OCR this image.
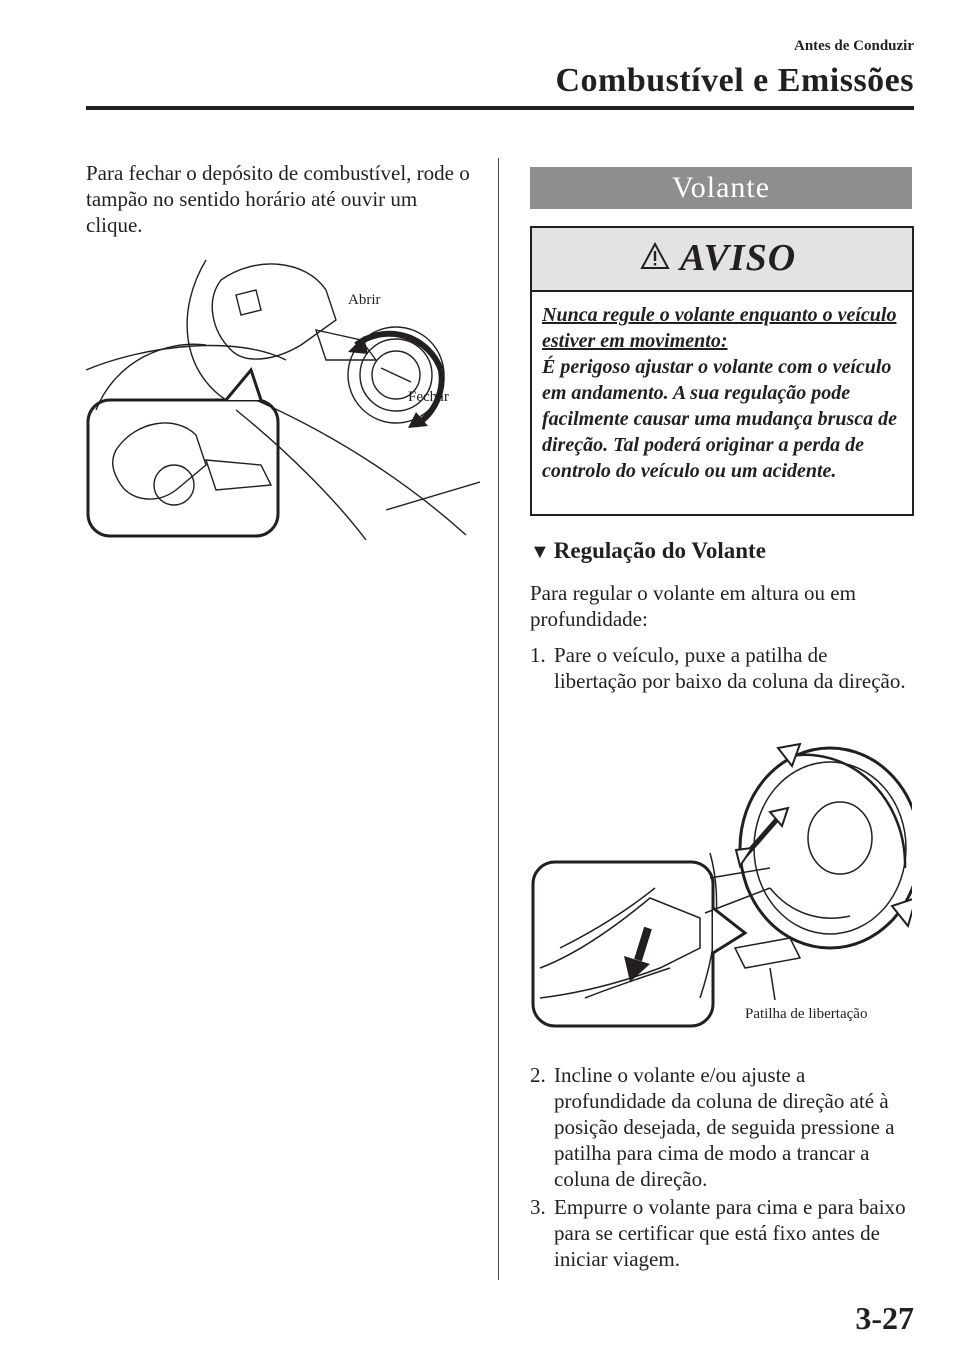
Antes de Conduzir
Combustível e Emissões

Para fechar o depósito de combustível, rode o tampão no sentido horário até ouvir um clique.

Abrir
Fechar
Volante
AVISO
Nunca regule o volante enquanto o veículo estiver em movimento:
É perigoso ajustar o volante com o veículo em andamento. A sua regulação pode facilmente causar uma mudança brusca de direção. Tal poderá originar a perda de controlo do veículo ou um acidente.
▼ Regulação do Volante

Para regular o volante em altura ou em profundidade:

1. Pare o veículo, puxe a patilha de libertação por baixo da coluna da direção.
Patilha de libertação
2. Incline o volante e/ou ajuste a profundidade da coluna de direção até à posição desejada, de seguida pressione a patilha para cima de modo a trancar a coluna de direção.
3. Empurre o volante para cima e para baixo para se certificar que está fixo antes de iniciar viagem.
3-27
